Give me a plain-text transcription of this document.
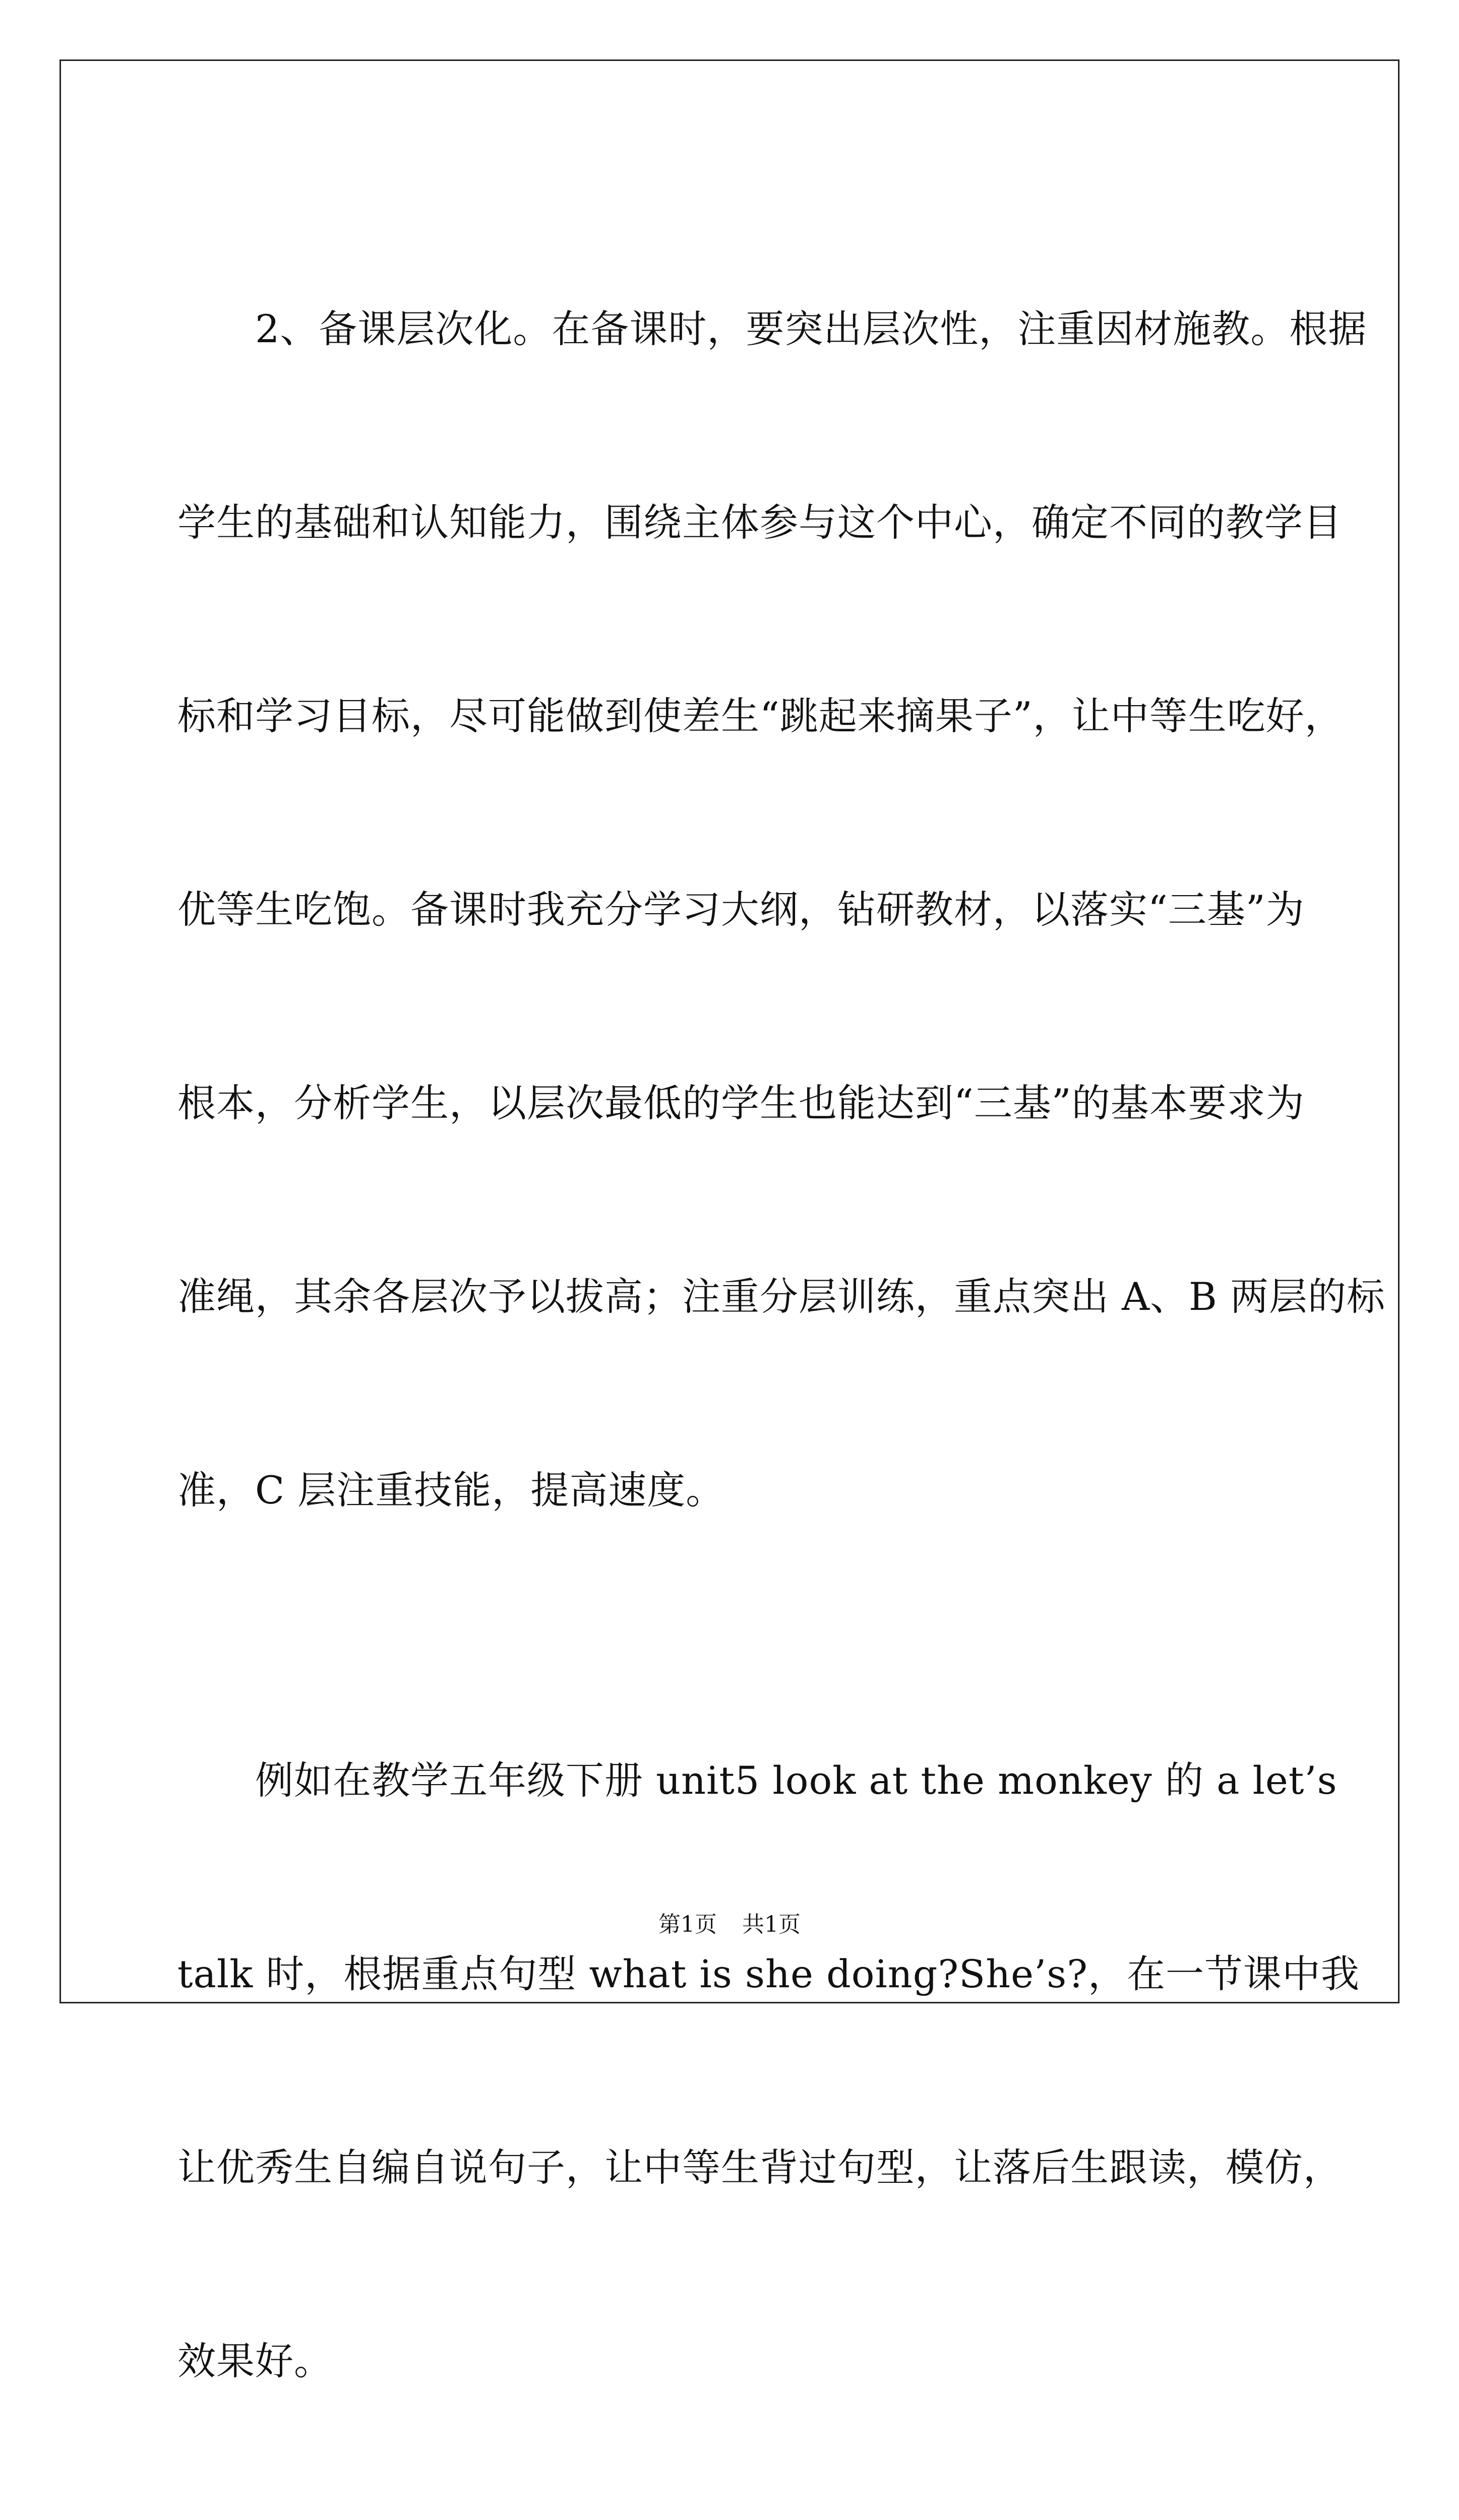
　　2、备课层次化。在备课时，要突出层次性，注重因材施教。根据

学生的基础和认知能力，围绕主体参与这个中心，确定不同的教学目

标和学习目标，尽可能做到使差生“跳起来摘果子”，让中等生吃好，

优等生吃饱。备课时我充分学习大纲，钻研教材，以落实“三基”为

根本，分析学生，以层次最低的学生也能达到“三基”的基本要求为

准绳，其余各层次予以拔高；注重分层训练，重点突出 A、B 两层的标

准，C 层注重技能，提高速度。

　　例如在教学五年级下册 unit5 look at the monkey 的 a let’s

talk 时，根据重点句型 what is she doing?She’s?，在一节课中我

让优秀生自编自说句子，让中等生背过句型，让落后生跟读，模仿，

效果好。

第1页 共1页
